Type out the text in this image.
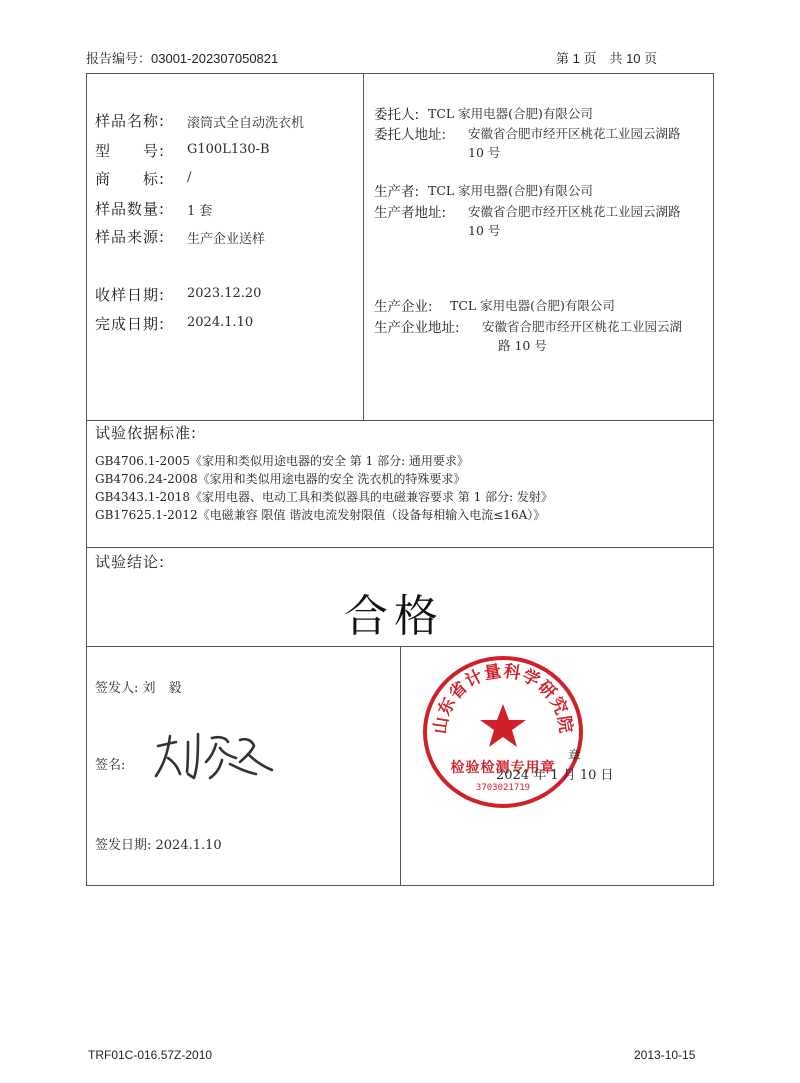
报告编号：03001-202307050821	第 1 页　共 10 页
样品名称: 滚筒式全自动洗衣机
型　　号: G100L130-B
商　　标: /
样品数量: 1 套
样品来源: 生产企业送样
收样日期: 2023.12.20
完成日期: 2024.1.10
委托人: TCL 家用电器(合肥)有限公司
委托人地址: 安徽省合肥市经开区桃花工业园云湖路
10 号
生产者: TCL 家用电器(合肥)有限公司
生产者地址: 安徽省合肥市经开区桃花工业园云湖路
10 号
生产企业: TCL 家用电器(合肥)有限公司
生产企业地址: 安徽省合肥市经开区桃花工业园云湖
路 10 号
试验依据标准:
GB4706.1-2005《家用和类似用途电器的安全 第 1 部分: 通用要求》
GB4706.24-2008《家用和类似用途电器的安全 洗衣机的特殊要求》
GB4343.1-2018《家用电器、电动工具和类似器具的电磁兼容要求 第 1 部分: 发射》
GB17625.1-2012《电磁兼容 限值 谐波电流发射限值（设备每相输入电流≤16A）》
试验结论:
合格
签发人: 刘　毅
签名:
签发日期: 2024.1.10
山东省计量科学研究院
检验检测专用章
3703021719
章
2024 年 1 月 10 日
TRF01C-016.57Z-2010	2013-10-15
